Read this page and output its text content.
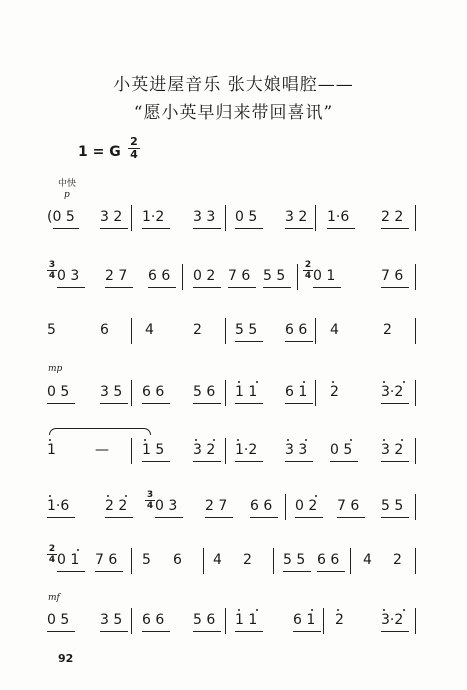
小英进屋音乐 张大娘唱腔——
“愿小英早归来带回喜讯”
1 = G $\frac{2}{4}$
中快
p
mp
mf
(0 5 3 2 1·2 3 3 0 5 3 2 1·6 2 2
3
4 0 3 2 7 6 6 0 2 7 6 5 5
2
4 0 1	7 6
5	6	4	2 5 5 6 6 4	2
0 5 3 5 6 6 5 6 1 1 6 1 2	3·2
1	— 1 5 3 2 1·2 3 3 0 5 3 2
1·6	2 2
3
4 0 3 2 7 6 6 0 2 7 6 5 5
2
4 0 1 7 6 5 6 4 2 5 5 6 6 4 2
0 5 3 5 6 6 5 6 1 1	6 1 2	3·2
92
